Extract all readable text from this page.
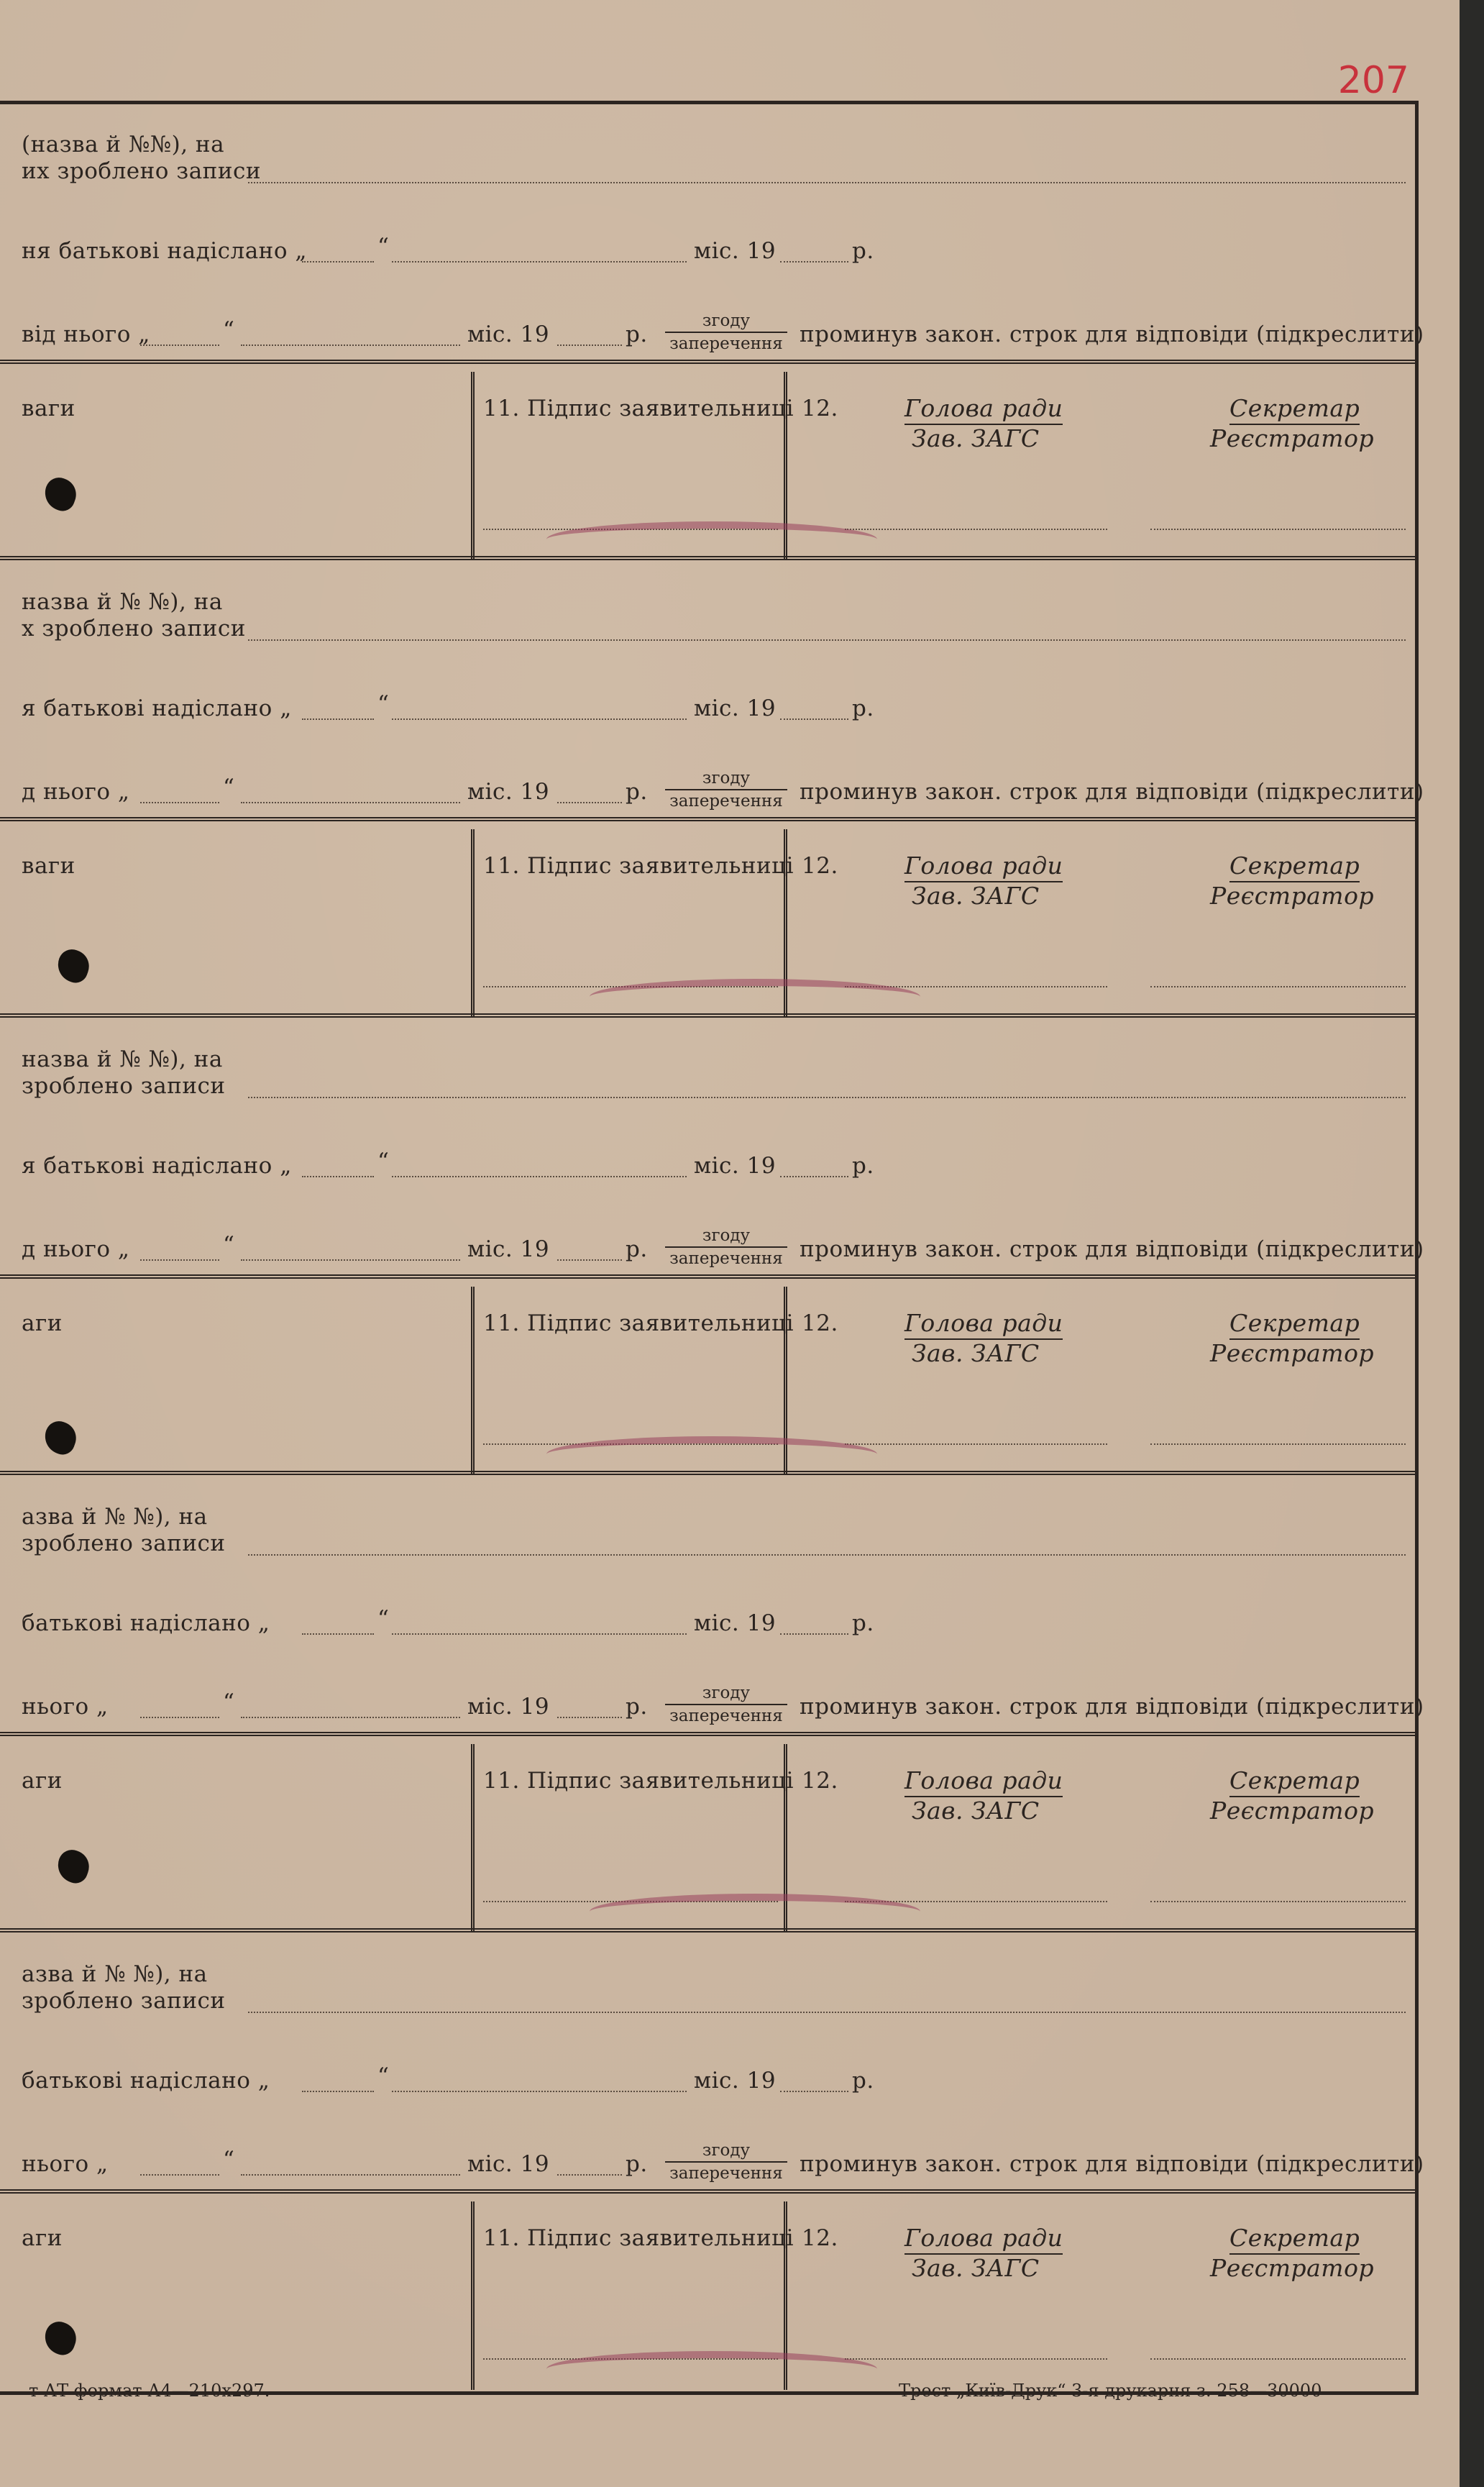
207
(назва й №№), на
их зроблено записи
ня батькові надіслано „	“	міс. 19	р.
від нього „	“	міс. 19	р.
згоду
заперечення проминув закон. строк для відповіди (підкреслити)
ваги	11. Підпис заявительниці 12.	Голова ради
Зав. ЗАГС
Секретар
Реєстратор
назва й № №), на
х зроблено записи
я батькові надіслано „	“	міс. 19	р.
д нього „	“	міс. 19	р.
згоду
заперечення проминув закон. строк для відповіди (підкреслити)
ваги	11. Підпис заявительниці 12.	Голова ради
Зав. ЗАГС
Секретар
Реєстратор
назва й № №), на
зроблено записи
я батькові надіслано „	“	міс. 19	р.
д нього „	“	міс. 19	р.
згоду
заперечення проминув закон. строк для відповіди (підкреслити)
аги	11. Підпис заявительниці 12.	Голова ради
Зав. ЗАГС
Секретар
Реєстратор
азва й № №), на
зроблено записи
батькові надіслано „	“	міс. 19	р.
нього „	“	міс. 19	р.
згоду
заперечення проминув закон. строк для відповіди (підкреслити)
аги	11. Підпис заявительниці 12.	Голова ради
Зав. ЗАГС
Секретар
Реєстратор
азва й № №), на
зроблено записи
батькові надіслано „	“	міс. 19	р.
нього „	“	міс. 19	р.
згоду
заперечення проминув закон. строк для відповіди (підкреслити)
аги	11. Підпис заявительниці 12.	Голова ради
Зав. ЗАГС
Секретар
Реєстратор
т АТ формат А4—210x297.	Трест „Київ-Друк“ 3-я друкарня з. 258—30000
